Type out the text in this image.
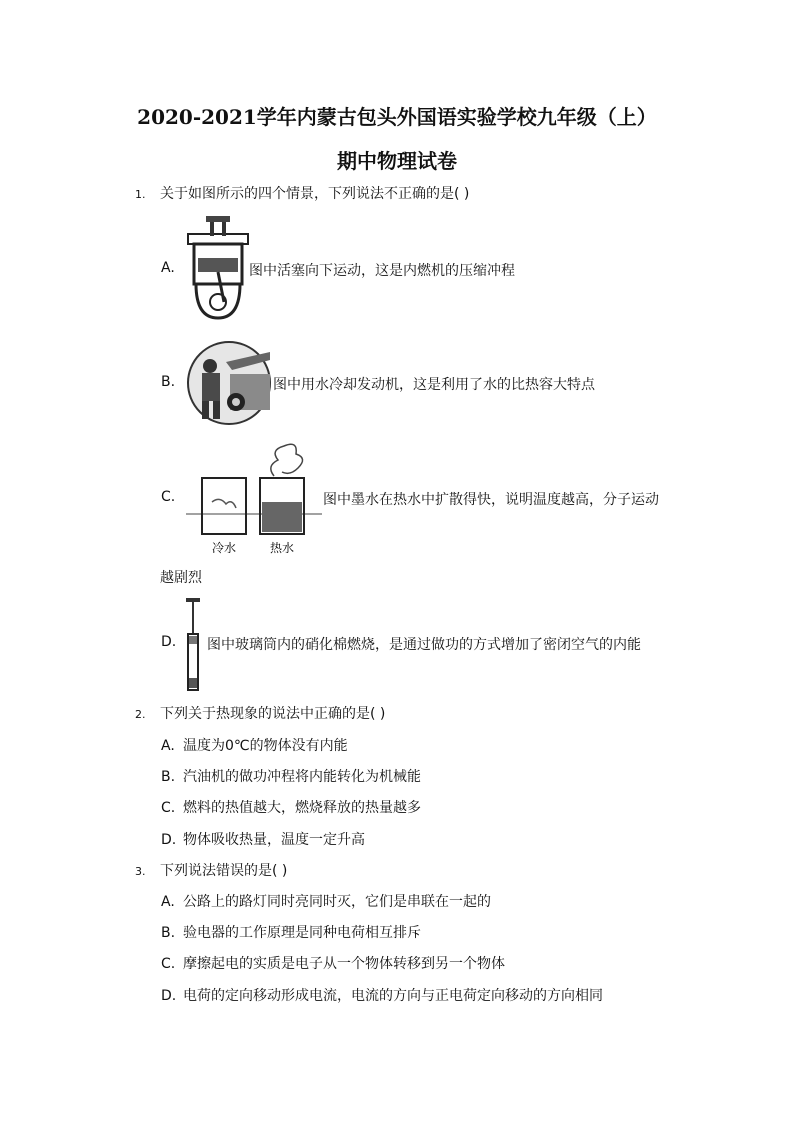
2020-2021学年内蒙古包头外国语实验学校九年级（上）
期中物理试卷
1. 关于如图所示的四个情景，下列说法不正确的是( )
A.	图中活塞向下运动，这是内燃机的压缩冲程
B.	图中用水冷却发动机，这是利用了水的比热容大特点
C.
冷水	热水
图中墨水在热水中扩散得快，说明温度越高，分子运动
越剧烈
D. 图中玻璃筒内的硝化棉燃烧，是通过做功的方式增加了密闭空气的内能
2. 下列关于热现象的说法中正确的是( )
A. 温度为0℃的物体没有内能
B. 汽油机的做功冲程将内能转化为机械能
C. 燃料的热值越大，燃烧释放的热量越多
D. 物体吸收热量，温度一定升高
3. 下列说法错误的是( )
A. 公路上的路灯同时亮同时灭，它们是串联在一起的
B. 验电器的工作原理是同种电荷相互排斥
C. 摩擦起电的实质是电子从一个物体转移到另一个物体
D. 电荷的定向移动形成电流，电流的方向与正电荷定向移动的方向相同
